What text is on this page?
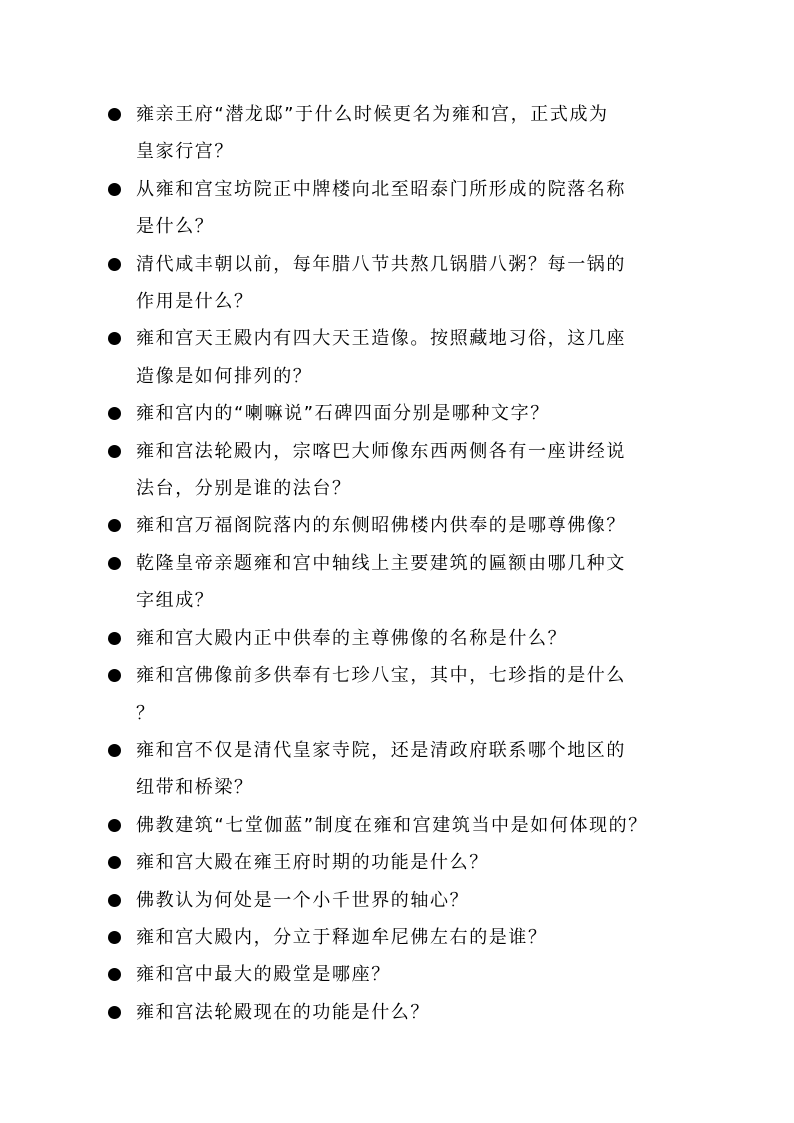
雍亲王府“潜龙邸”于什么时候更名为雍和宫，正式成为
皇家行宫？
从雍和宫宝坊院正中牌楼向北至昭泰门所形成的院落名称
是什么？
清代咸丰朝以前，每年腊八节共熬几锅腊八粥？每一锅的
作用是什么？
雍和宫天王殿内有四大天王造像。按照藏地习俗，这几座
造像是如何排列的？
雍和宫内的“喇嘛说”石碑四面分别是哪种文字？
雍和宫法轮殿内，宗喀巴大师像东西两侧各有一座讲经说
法台，分别是谁的法台？
雍和宫万福阁院落内的东侧昭佛楼内供奉的是哪尊佛像？
乾隆皇帝亲题雍和宫中轴线上主要建筑的匾额由哪几种文
字组成？
雍和宫大殿内正中供奉的主尊佛像的名称是什么？
雍和宫佛像前多供奉有七珍八宝，其中，七珍指的是什么
？
雍和宫不仅是清代皇家寺院，还是清政府联系哪个地区的
纽带和桥梁？
佛教建筑“七堂伽蓝”制度在雍和宫建筑当中是如何体现的？
雍和宫大殿在雍王府时期的功能是什么？
佛教认为何处是一个小千世界的轴心？
雍和宫大殿内，分立于释迦牟尼佛左右的是谁？
雍和宫中最大的殿堂是哪座？
雍和宫法轮殿现在的功能是什么？
